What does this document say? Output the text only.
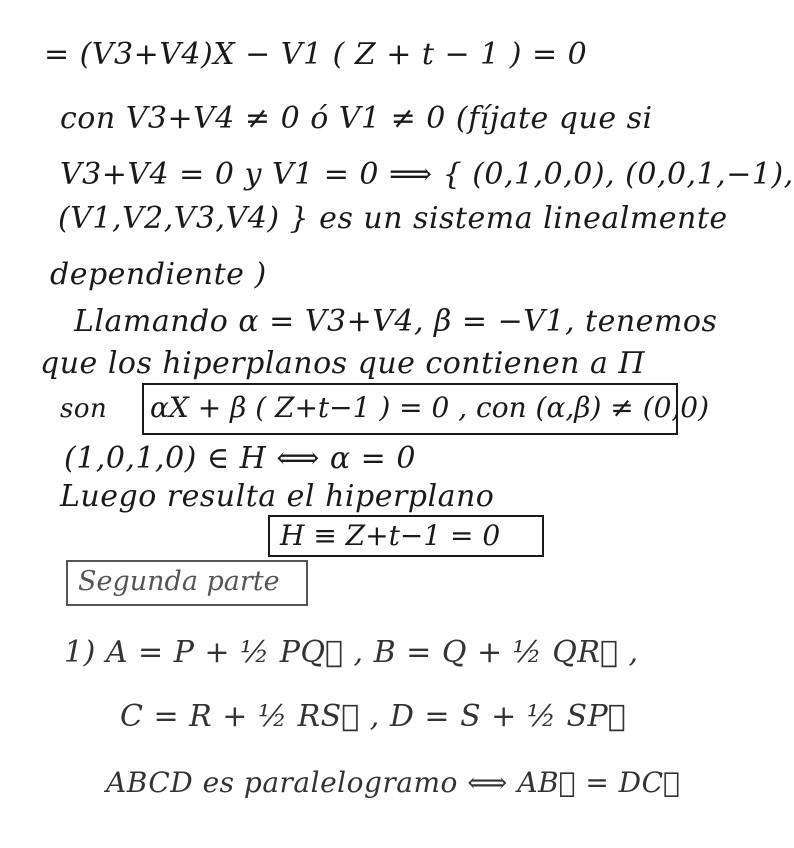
= (V3+V4)X − V1 ( Z + t − 1 ) = 0
con V3+V4 ≠ 0 ó V1 ≠ 0 (fíjate que si
V3+V4 = 0 y V1 = 0 ⟹ { (0,1,0,0), (0,0,1,−1),
(V1,V2,V3,V4) } es un sistema linealmente
dependiente )
Llamando α = V3+V4, β = −V1, tenemos
que los hiperplanos que contienen a Π
son αX + β ( Z+t−1 ) = 0 , con (α,β) ≠ (0,0)
(1,0,1,0) ∈ H ⟺ α = 0
Luego resulta el hiperplano
H ≡ Z+t−1 = 0
Segunda parte
1) A = P + ½ PQ⃗ , B = Q + ½ QR⃗ ,
C = R + ½ RS⃗ , D = S + ½ SP⃗
ABCD es paralelogramo ⟺ AB⃗ = DC⃗
